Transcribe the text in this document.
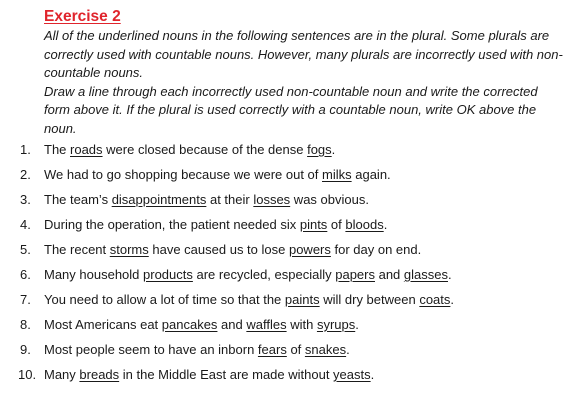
Exercise 2

All of the underlined nouns in the following sentences are in the plural. Some plurals are correctly used with countable nouns. However, many plurals are incorrectly used with non-countable nouns.

Draw a line through each incorrectly used non-countable noun and write the corrected form above it. If the plural is used correctly with a countable noun, write OK above the noun.

1.	The roads were closed because of the dense fogs.
2.	We had to go shopping because we were out of milks again.
3.	The team’s disappointments at their losses was obvious.
4.	During the operation, the patient needed six pints of bloods.
5.	The recent storms have caused us to lose powers for day on end.
6.	Many household products are recycled, especially papers and glasses.
7.	You need to allow a lot of time so that the paints will dry between coats.
8.	Most Americans eat pancakes and waffles with syrups.
9.	Most people seem to have an inborn fears of snakes.
10. Many breads in the Middle East are made without yeasts.
